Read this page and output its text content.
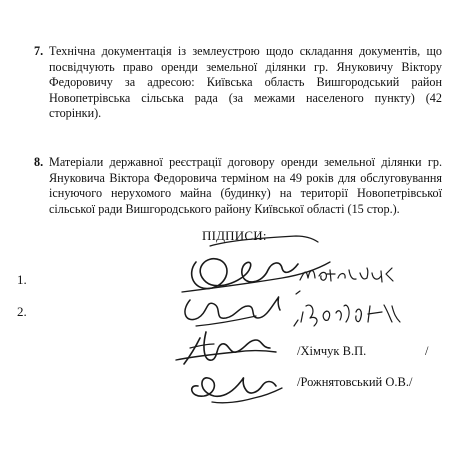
7. Технічна документація із землеустрою щодо складання документів, що посвідчують право оренди земельної ділянки гр. Януковичу Віктору Федоровичу за адресою: Київська область Вишгородський район Новопетрівська сільська рада (за межами населеного пункту) (42 сторінки).
8. Матеріали державної реєстрації договору оренди земельної ділянки гр. Януковича Віктора Федоровича терміном на 49 років для обслуговування існуючого нерухомого майна (будинку) на території Новопетрівської сільської ради Вишгородського району Київської області (15 стор.).
ПІДПИСИ:
1.
2.
/Хімчук В.П.	/
/Рожнятовський О.В./
